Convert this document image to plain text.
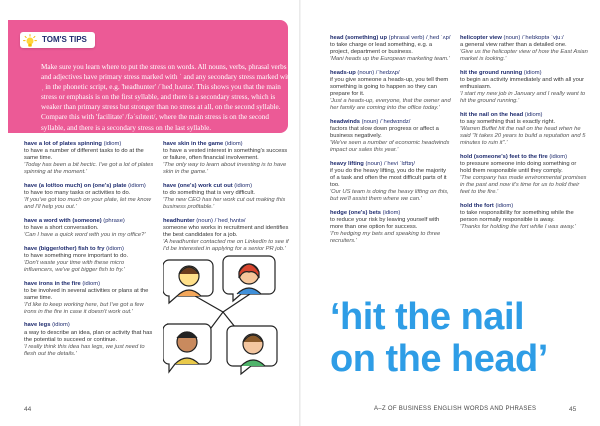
TOM'S TIPS
Make sure you learn where to put the stress on words. All nouns, verbs, phrasal verbs and adjectives have primary stress marked with ˈ and any secondary stress marked with ˌ in the phonetic script, e.g. 'headhunter' /ˈhedˌhʌntə/. This shows you that the main stress or emphasis is on the first syllable, and there is a secondary stress, which is weaker than primary stress but stronger than no stress at all, on the second syllable. Compare this with 'facilitate' /fəˈsɪlɪteɪt/, where the main stress is on the second syllable, and there is a secondary stress on the last syllable.
have a lot of plates spinning (idiom)
to have a number of different tasks to do at the same time.
'Today has been a bit hectic. I've got a lot of plates spinning at the moment.'
have (a lot/too much) on (one's) plate (idiom)
to have too many tasks or activities to do.
'If you've got too much on your plate, let me know and I'll help you out.'
have a word with (someone) (phrase)
to have a short conversation.
'Can I have a quick word with you in my office?'
have (bigger/other) fish to fry (idiom)
to have something more important to do.
'Don't waste your time with these micro influencers, we've got bigger fish to fry.'
have irons in the fire (idiom)
to be involved in several activities or plans at the same time.
'I'd like to keep working here, but I've got a few irons in the fire in case it doesn't work out.'
have legs (idiom)
a way to describe an idea, plan or activity that has the potential to succeed or continue.
'I really think this idea has legs, we just need to flesh out the details.'
have skin in the game (idiom)
to have a vested interest in something's success or failure, often financial involvement.
'The only way to learn about investing is to have skin in the game.'
have (one's) work cut out (idiom)
to do something that is very difficult.
'The new CEO has her work cut out making this business profitable.'
headhunter (noun) /ˈhedˌhʌntə/
someone who works in recruitment and identifies the best candidates for a job.
'A headhunter contacted me on LinkedIn to see if I'd be interested in applying for a senior PR job.'
44
head (something) up (phrasal verb) /ˌhed ˈʌp/
to take charge or lead something, e.g. a project, department or business.
'Mani heads up the European marketing team.'
heads-up (noun) /ˈhedzʌp/
if you give someone a heads-up, you tell them something is going to happen so they can prepare for it.
'Just a heads-up, everyone, that the owner and her family are coming into the office today.'
headwinds (noun) /ˈhedwɪndz/
factors that slow down progress or affect a business negatively.
'We've seen a number of economic headwinds impact our sales this year.'
heavy lifting (noun) /ˈhevi ˈlɪftɪŋ/
if you do the heavy lifting, you do the majority of a task and often the most difficult parts of it too.
'Our US team is doing the heavy lifting on this, but we'll assist them where we can.'
hedge (one's) bets (idiom)
to reduce your risk by leaving yourself with more than one option for success.
'I'm hedging my bets and speaking to three recruiters.'
helicopter view (noun) /ˈhelɪkɒptə ˈvjuː/
a general view rather than a detailed one.
'Give us the helicopter view of how the East Asian market is looking.'
hit the ground running (idiom)
to begin an activity immediately and with all your enthusiasm.
'I start my new job in January and I really want to hit the ground running.'
hit the nail on the head (idiom)
to say something that is exactly right.
'Warren Buffet hit the nail on the head when he said "It takes 20 years to build a reputation and 5 minutes to ruin it".'
hold (someone's) feet to the fire (idiom)
to pressure someone into doing something or hold them responsible until they comply.
'The company has made environmental promises in the past and now it's time for us to hold their feet to the fire.'
hold the fort (idiom)
to take responsibility for something while the person normally responsible is away.
'Thanks for holding the fort while I was away.'
‘hit the nail
on the head’
A–Z OF BUSINESS ENGLISH WORDS AND PHRASES	45
